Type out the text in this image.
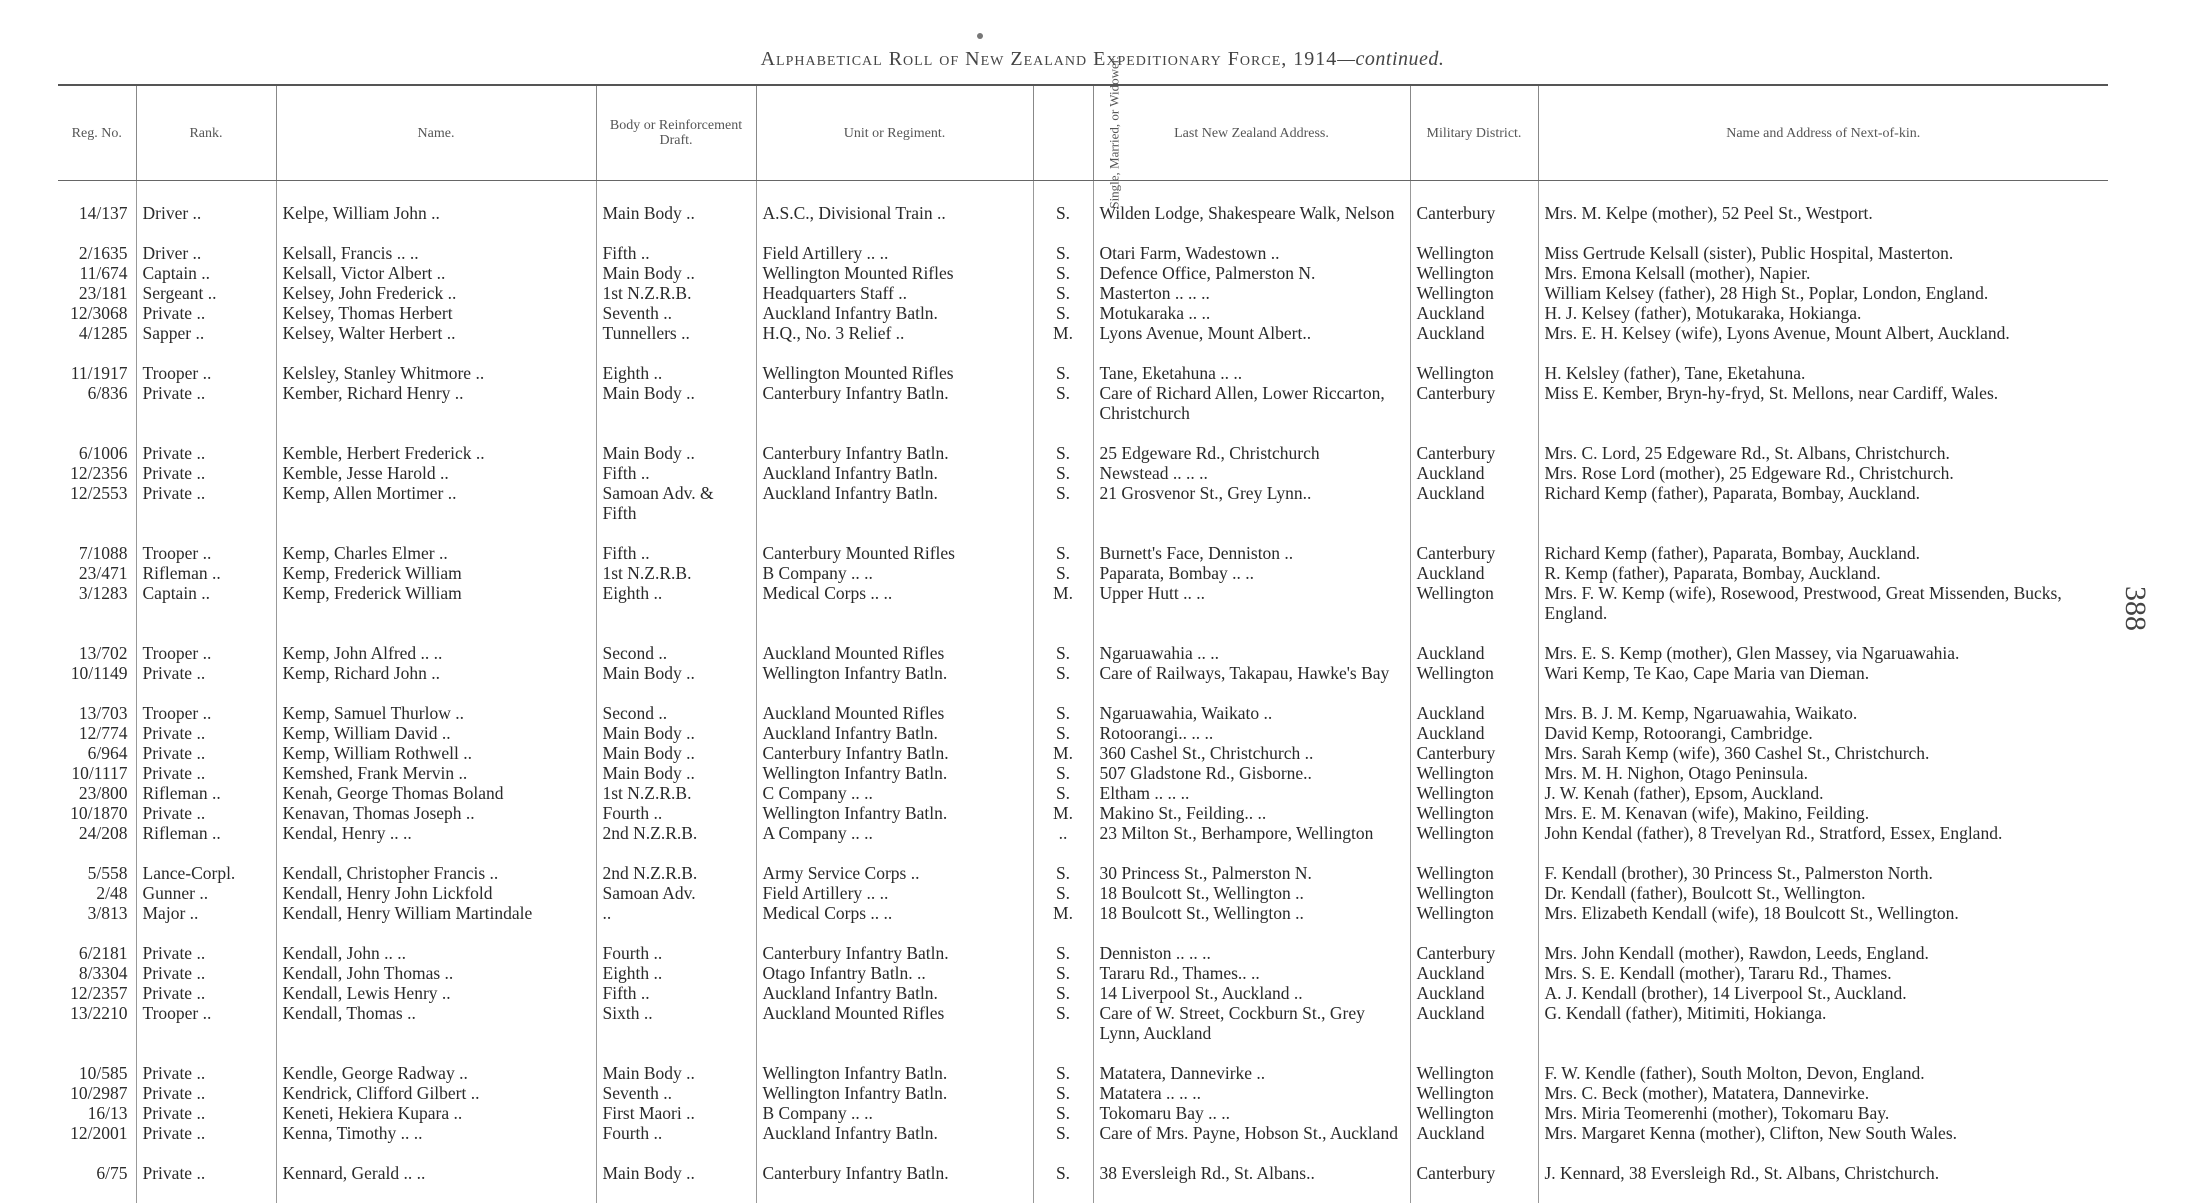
Alphabetical Roll of New Zealand Expeditionary Force, 1914—continued.
388
Reg. No.	Rank.	Name.	Body or Reinforcement Draft.	Unit or Regiment.	Single, Married, or Widower.	Last New Zealand Address.	Military District.	Name and Address of Next-of-kin.
14/137	Driver ..	Kelpe, William John ..	Main Body ..	A.S.C., Divisional Train ..	S.	Wilden Lodge, Shakespeare Walk, Nelson	Canterbury	Mrs. M. Kelpe (mother), 52 Peel St., Westport.
2/1635	Driver ..	Kelsall, Francis .. ..	Fifth ..	Field Artillery .. ..	S.	Otari Farm, Wadestown ..	Wellington	Miss Gertrude Kelsall (sister), Public Hospital, Masterton.
11/674	Captain ..	Kelsall, Victor Albert ..	Main Body ..	Wellington Mounted Rifles	S.	Defence Office, Palmerston N.	Wellington	Mrs. Emona Kelsall (mother), Napier.
23/181	Sergeant ..	Kelsey, John Frederick ..	1st N.Z.R.B.	Headquarters Staff ..	S.	Masterton .. .. ..	Wellington	William Kelsey (father), 28 High St., Poplar, London, England.
12/3068	Private ..	Kelsey, Thomas Herbert	Seventh ..	Auckland Infantry Batln.	S.	Motukaraka .. ..	Auckland	H. J. Kelsey (father), Motukaraka, Hokianga.
4/1285	Sapper ..	Kelsey, Walter Herbert ..	Tunnellers ..	H.Q., No. 3 Relief ..	M.	Lyons Avenue, Mount Albert..	Auckland	Mrs. E. H. Kelsey (wife), Lyons Avenue, Mount Albert, Auckland.
11/1917	Trooper ..	Kelsley, Stanley Whitmore ..	Eighth ..	Wellington Mounted Rifles	S.	Tane, Eketahuna .. ..	Wellington	H. Kelsley (father), Tane, Eketahuna.
6/836	Private ..	Kember, Richard Henry ..	Main Body ..	Canterbury Infantry Batln.	S.	Care of Richard Allen, Lower Riccarton, Christchurch	Canterbury	Miss E. Kember, Bryn-hy-fryd, St. Mellons, near Cardiff, Wales.
6/1006	Private ..	Kemble, Herbert Frederick ..	Main Body ..	Canterbury Infantry Batln.	S.	25 Edgeware Rd., Christchurch	Canterbury	Mrs. C. Lord, 25 Edgeware Rd., St. Albans, Christchurch.
12/2356	Private ..	Kemble, Jesse Harold ..	Fifth ..	Auckland Infantry Batln.	S.	Newstead .. .. ..	Auckland	Mrs. Rose Lord (mother), 25 Edgeware Rd., Christchurch.
12/2553	Private ..	Kemp, Allen Mortimer ..	Samoan Adv. & Fifth	Auckland Infantry Batln.	S.	21 Grosvenor St., Grey Lynn..	Auckland	Richard Kemp (father), Paparata, Bombay, Auckland.
7/1088	Trooper ..	Kemp, Charles Elmer ..	Fifth ..	Canterbury Mounted Rifles	S.	Burnett's Face, Denniston ..	Canterbury	Richard Kemp (father), Paparata, Bombay, Auckland.
23/471	Rifleman ..	Kemp, Frederick William	1st N.Z.R.B.	B Company .. ..	S.	Paparata, Bombay .. ..	Auckland	R. Kemp (father), Paparata, Bombay, Auckland.
3/1283	Captain ..	Kemp, Frederick William	Eighth ..	Medical Corps .. ..	M.	Upper Hutt .. ..	Wellington	Mrs. F. W. Kemp (wife), Rosewood, Prestwood, Great Missenden, Bucks, England.
13/702	Trooper ..	Kemp, John Alfred .. ..	Second ..	Auckland Mounted Rifles	S.	Ngaruawahia .. ..	Auckland	Mrs. E. S. Kemp (mother), Glen Massey, via Ngaruawahia.
10/1149	Private ..	Kemp, Richard John ..	Main Body ..	Wellington Infantry Batln.	S.	Care of Railways, Takapau, Hawke's Bay	Wellington	Wari Kemp, Te Kao, Cape Maria van Dieman.
13/703	Trooper ..	Kemp, Samuel Thurlow ..	Second ..	Auckland Mounted Rifles	S.	Ngaruawahia, Waikato ..	Auckland	Mrs. B. J. M. Kemp, Ngaruawahia, Waikato.
12/774	Private ..	Kemp, William David ..	Main Body ..	Auckland Infantry Batln.	S.	Rotoorangi.. .. ..	Auckland	David Kemp, Rotoorangi, Cambridge.
6/964	Private ..	Kemp, William Rothwell ..	Main Body ..	Canterbury Infantry Batln.	M.	360 Cashel St., Christchurch ..	Canterbury	Mrs. Sarah Kemp (wife), 360 Cashel St., Christchurch.
10/1117	Private ..	Kemshed, Frank Mervin ..	Main Body ..	Wellington Infantry Batln.	S.	507 Gladstone Rd., Gisborne..	Wellington	Mrs. M. H. Nighon, Otago Peninsula.
23/800	Rifleman ..	Kenah, George Thomas Boland	1st N.Z.R.B.	C Company .. ..	S.	Eltham .. .. ..	Wellington	J. W. Kenah (father), Epsom, Auckland.
10/1870	Private ..	Kenavan, Thomas Joseph ..	Fourth ..	Wellington Infantry Batln.	M.	Makino St., Feilding.. ..	Wellington	Mrs. E. M. Kenavan (wife), Makino, Feilding.
24/208	Rifleman ..	Kendal, Henry .. ..	2nd N.Z.R.B.	A Company .. ..	..	23 Milton St., Berhampore, Wellington	Wellington	John Kendal (father), 8 Trevelyan Rd., Stratford, Essex, England.
5/558	Lance-Corpl.	Kendall, Christopher Francis ..	2nd N.Z.R.B.	Army Service Corps ..	S.	30 Princess St., Palmerston N.	Wellington	F. Kendall (brother), 30 Princess St., Palmerston North.
2/48	Gunner ..	Kendall, Henry John Lickfold	Samoan Adv.	Field Artillery .. ..	S.	18 Boulcott St., Wellington ..	Wellington	Dr. Kendall (father), Boulcott St., Wellington.
3/813	Major ..	Kendall, Henry William Martindale	..	Medical Corps .. ..	M.	18 Boulcott St., Wellington ..	Wellington	Mrs. Elizabeth Kendall (wife), 18 Boulcott St., Wellington.
6/2181	Private ..	Kendall, John .. ..	Fourth ..	Canterbury Infantry Batln.	S.	Denniston .. .. ..	Canterbury	Mrs. John Kendall (mother), Rawdon, Leeds, England.
8/3304	Private ..	Kendall, John Thomas ..	Eighth ..	Otago Infantry Batln. ..	S.	Tararu Rd., Thames.. ..	Auckland	Mrs. S. E. Kendall (mother), Tararu Rd., Thames.
12/2357	Private ..	Kendall, Lewis Henry ..	Fifth ..	Auckland Infantry Batln.	S.	14 Liverpool St., Auckland ..	Auckland	A. J. Kendall (brother), 14 Liverpool St., Auckland.
13/2210	Trooper ..	Kendall, Thomas ..	Sixth ..	Auckland Mounted Rifles	S.	Care of W. Street, Cockburn St., Grey Lynn, Auckland	Auckland	G. Kendall (father), Mitimiti, Hokianga.
10/585	Private ..	Kendle, George Radway ..	Main Body ..	Wellington Infantry Batln.	S.	Matatera, Dannevirke ..	Wellington	F. W. Kendle (father), South Molton, Devon, England.
10/2987	Private ..	Kendrick, Clifford Gilbert ..	Seventh ..	Wellington Infantry Batln.	S.	Matatera .. .. ..	Wellington	Mrs. C. Beck (mother), Matatera, Dannevirke.
16/13	Private ..	Keneti, Hekiera Kupara ..	First Maori ..	B Company .. ..	S.	Tokomaru Bay .. ..	Wellington	Mrs. Miria Teomerenhi (mother), Tokomaru Bay.
12/2001	Private ..	Kenna, Timothy .. ..	Fourth ..	Auckland Infantry Batln.	S.	Care of Mrs. Payne, Hobson St., Auckland	Auckland	Mrs. Margaret Kenna (mother), Clifton, New South Wales.
6/75	Private ..	Kennard, Gerald .. ..	Main Body ..	Canterbury Infantry Batln.	S.	38 Eversleigh Rd., St. Albans..	Canterbury	J. Kennard, 38 Eversleigh Rd., St. Albans, Christchurch.
